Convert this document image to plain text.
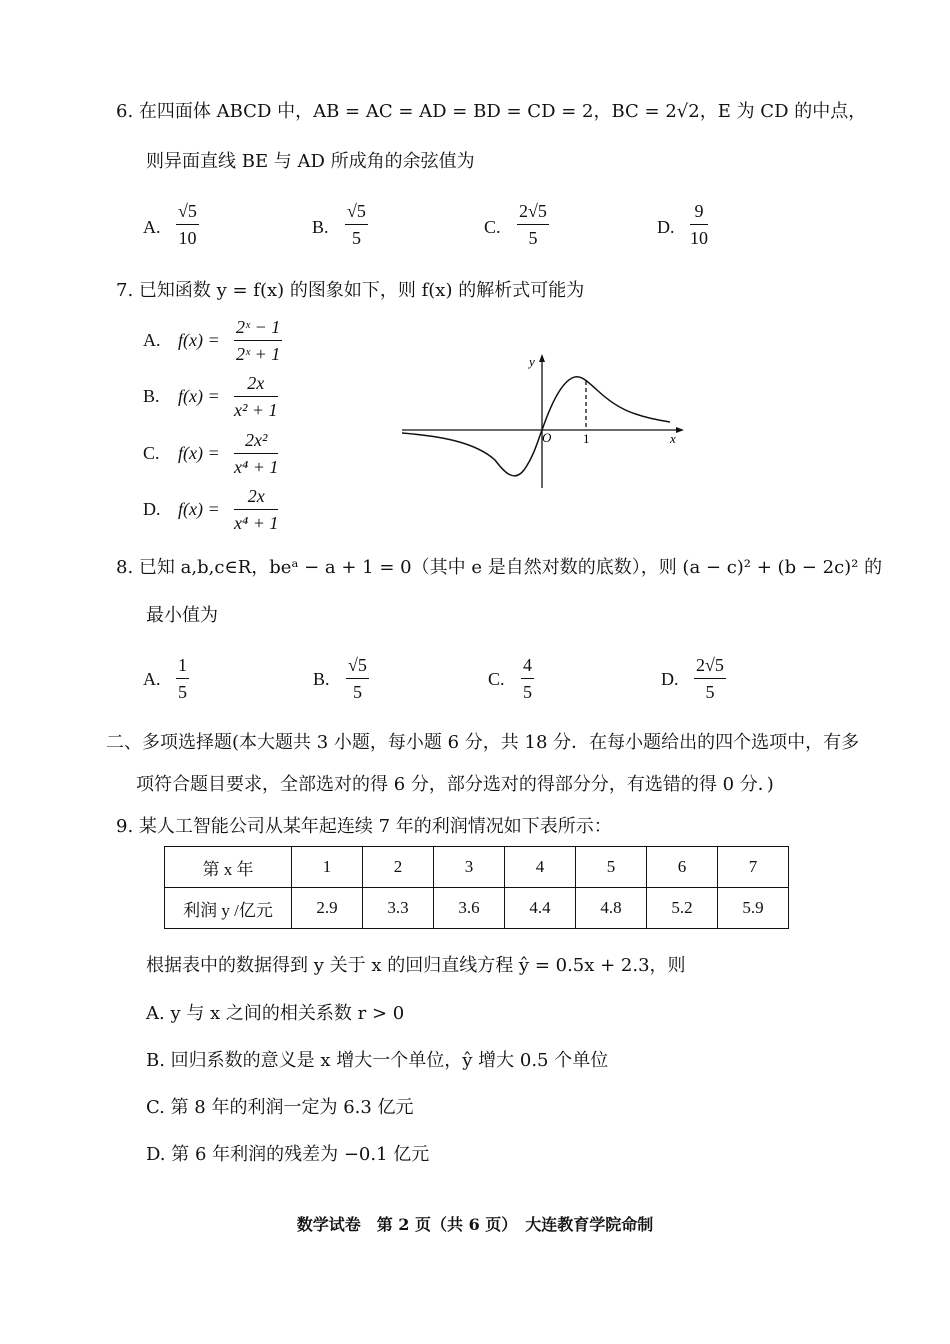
6. 在四面体 ABCD 中，AB = AC = AD = BD = CD = 2，BC = 2√2，E 为 CD 的中点，
则异面直线 BE 与 AD 所成角的余弦值为
A. $\frac{√5}{10}$	B. $\frac{√5}{5}$	C. $\frac{2√5}{5}$	D. $\frac{9}{10}$
7. 已知函数 y = f(x) 的图象如下，则 f(x) 的解析式可能为
A. $f(x) = \frac{\text{2ˣ − 1}}{\text{2ˣ + 1}}$
B. $f(x) = \frac{2x}{\text{x² + 1}}$
C. $f(x) = \frac{\text{2x²}}{\text{x⁴ + 1}}$
D. $f(x) = \frac{2x}{\text{x⁴ + 1}}$
y
x
O 1
8. 已知 a,b,c∈R，beᵃ − a + 1 = 0（其中 e 是自然对数的底数），则 (a − c)² + (b − 2c)² 的
最小值为
A. $\frac{1}{5}$	B. $\frac{√5}{5}$	C. $\frac{4}{5}$	D. $\frac{2√5}{5}$
二、多项选择题(本大题共 3 小题，每小题 6 分，共 18 分．在每小题给出的四个选项中，有多
项符合题目要求，全部选对的得 6 分，部分选对的得部分分，有选错的得 0 分．)
9. 某人工智能公司从某年起连续 7 年的利润情况如下表所示：
第 x 年	1	2	3	4	5	6	7
利润 y /亿元	2.9	3.3	3.6	4.4	4.8	5.2	5.9
根据表中的数据得到 y 关于 x 的回归直线方程 ŷ = 0.5x + 2.3，则
A. y 与 x 之间的相关系数 r > 0
B. 回归系数的意义是 x 增大一个单位，ŷ 增大 0.5 个单位
C. 第 8 年的利润一定为 6.3 亿元
D. 第 6 年利润的残差为 −0.1 亿元
数学试卷　第 2 页（共 6 页）　大连教育学院命制
